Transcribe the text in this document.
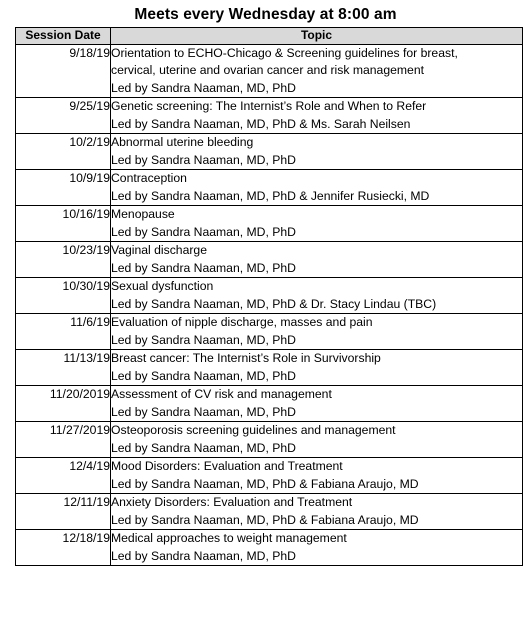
Meets every Wednesday at 8:00 am
Session Date	Topic
9/18/19	Orientation to ECHO-Chicago & Screening guidelines for breast,
cervical, uterine and ovarian cancer and risk management
Led by Sandra Naaman, MD, PhD

9/25/19	Genetic screening: The Internist’s Role and When to Refer
Led by Sandra Naaman, MD, PhD & Ms. Sarah Neilsen

10/2/19	Abnormal uterine bleeding
Led by Sandra Naaman, MD, PhD

10/9/19	Contraception
Led by Sandra Naaman, MD, PhD & Jennifer Rusiecki, MD

10/16/19	Menopause
Led by Sandra Naaman, MD, PhD

10/23/19	Vaginal discharge
Led by Sandra Naaman, MD, PhD

10/30/19	Sexual dysfunction
Led by Sandra Naaman, MD, PhD & Dr. Stacy Lindau (TBC)

11/6/19	Evaluation of nipple discharge, masses and pain
Led by Sandra Naaman, MD, PhD

11/13/19	Breast cancer: The Internist’s Role in Survivorship
Led by Sandra Naaman, MD, PhD

11/20/2019	Assessment of CV risk and management
Led by Sandra Naaman, MD, PhD

11/27/2019	Osteoporosis screening guidelines and management
Led by Sandra Naaman, MD, PhD

12/4/19	Mood Disorders: Evaluation and Treatment
Led by Sandra Naaman, MD, PhD & Fabiana Araujo, MD

12/11/19	Anxiety Disorders: Evaluation and Treatment
Led by Sandra Naaman, MD, PhD & Fabiana Araujo, MD

12/18/19	Medical approaches to weight management
Led by Sandra Naaman, MD, PhD
